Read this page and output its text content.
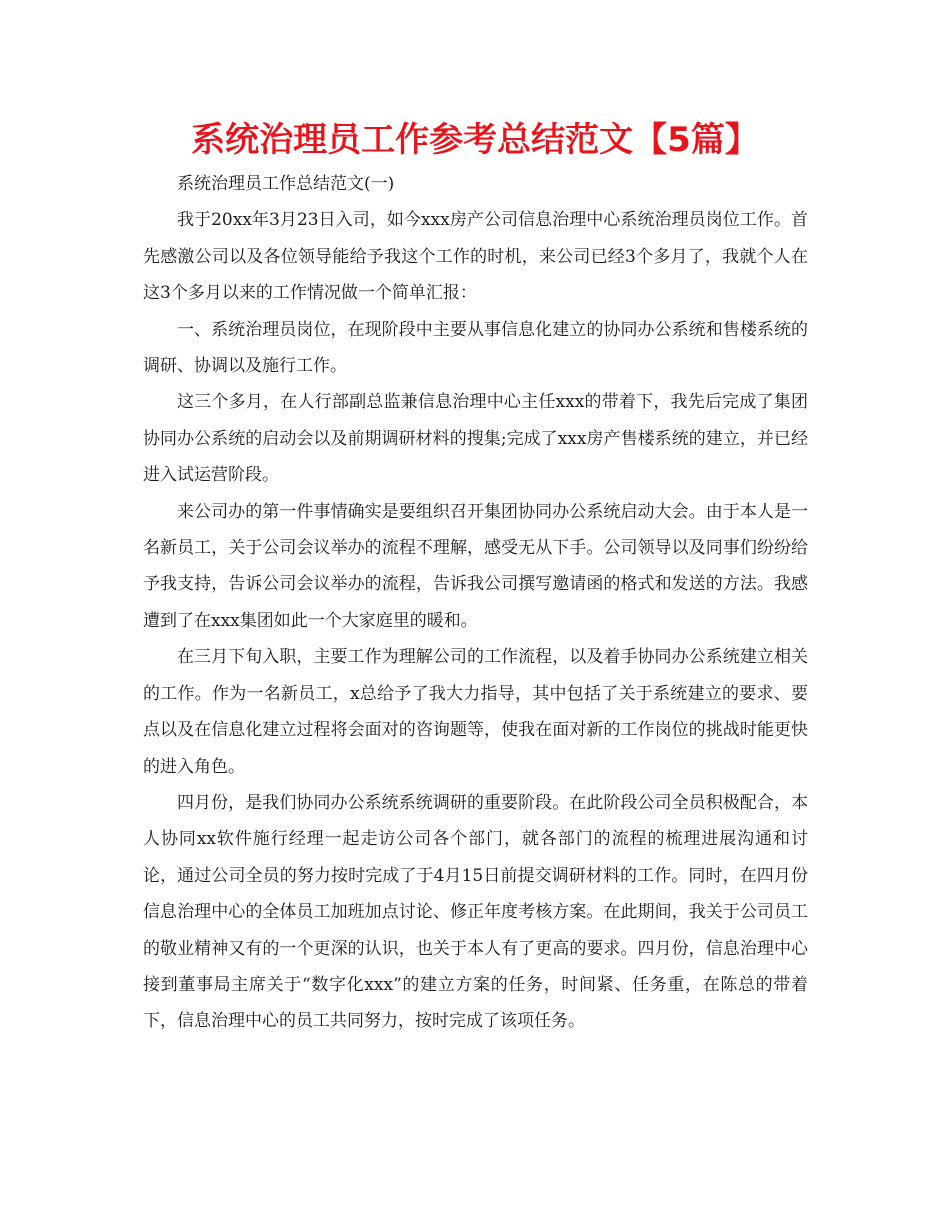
系统治理员工作参考总结范文【5篇】

系统治理员工作总结范文(一)

我于20xx年3月23日入司，如今xxx房产公司信息治理中心系统治理员岗位工作。首先感激公司以及各位领导能给予我这个工作的时机，来公司已经3个多月了，我就个人在这3个多月以来的工作情况做一个简单汇报：

一、系统治理员岗位，在现阶段中主要从事信息化建立的协同办公系统和售楼系统的调研、协调以及施行工作。

这三个多月，在人行部副总监兼信息治理中心主任xxx的带着下，我先后完成了集团协同办公系统的启动会以及前期调研材料的搜集;完成了xxx房产售楼系统的建立，并已经进入试运营阶段。

来公司办的第一件事情确实是要组织召开集团协同办公系统启动大会。由于本人是一名新员工，关于公司会议举办的流程不理解，感受无从下手。公司领导以及同事们纷纷给予我支持，告诉公司会议举办的流程，告诉我公司撰写邀请函的格式和发送的方法。我感遭到了在xxx集团如此一个大家庭里的暖和。

在三月下旬入职，主要工作为理解公司的工作流程，以及着手协同办公系统建立相关的工作。作为一名新员工，x总给予了我大力指导，其中包括了关于系统建立的要求、要点以及在信息化建立过程将会面对的咨询题等，使我在面对新的工作岗位的挑战时能更快的进入角色。

四月份，是我们协同办公系统系统调研的重要阶段。在此阶段公司全员积极配合，本人协同xx软件施行经理一起走访公司各个部门，就各部门的流程的梳理进展沟通和讨论，通过公司全员的努力按时完成了于4月15日前提交调研材料的工作。同时，在四月份信息治理中心的全体员工加班加点讨论、修正年度考核方案。在此期间，我关于公司员工的敬业精神又有的一个更深的认识，也关于本人有了更高的要求。四月份，信息治理中心接到董事局主席关于“数字化xxx”的建立方案的任务，时间紧、任务重，在陈总的带着下，信息治理中心的员工共同努力，按时完成了该项任务。
